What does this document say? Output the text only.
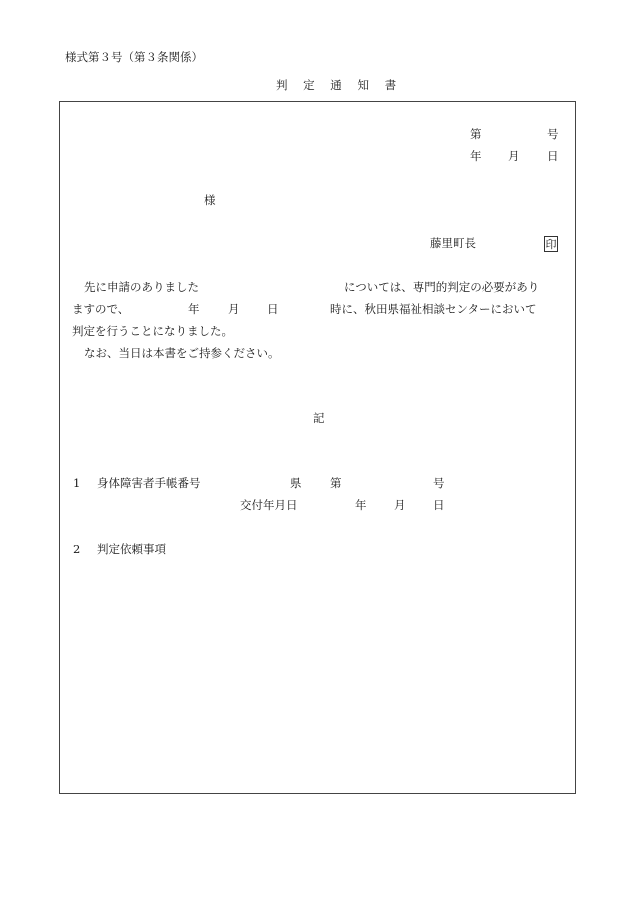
様式第３号（第３条関係）
判 定 通 知 書
第	号
年 月 日
様
藤里町長	印
先に申請のありました	については、専門的判定の必要があり
ますので、	年 月 日	時に、秋田県福祉相談センターにおいて
判定を行うことになりました。
なお、当日は本書をご持参ください。
記
1 身体障害者手帳番号	県 第	号
交付年月日	年 月 日
2 判定依頼事項
